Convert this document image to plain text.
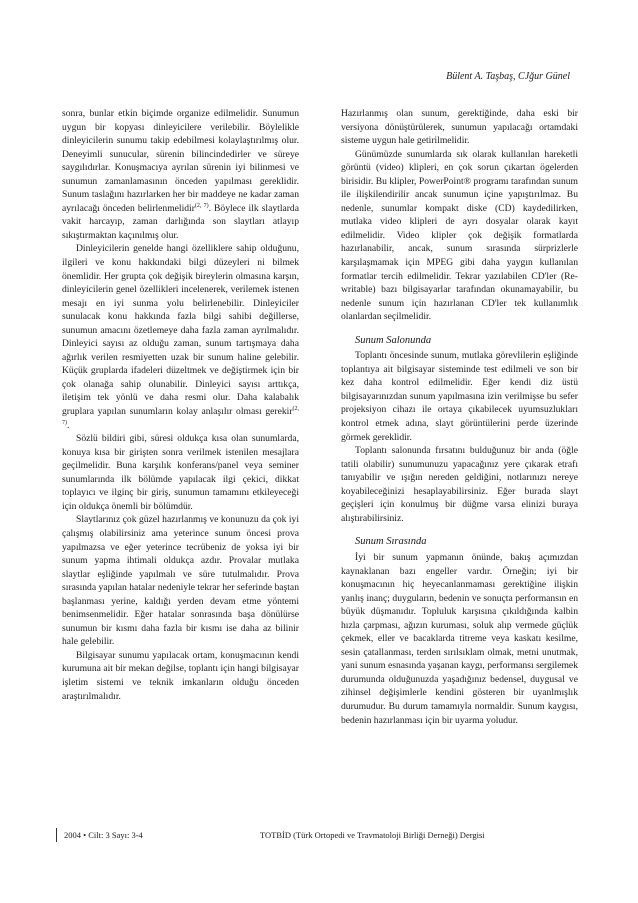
Bülent A. Taşbaş, CJğur Günel

sonra, bunlar etkin biçimde organize edilmelidir. Sunumun uygun bir kopyası dinleyicilere verilebilir. Böylelikle dinleyicilerin sunumu takip edebilmesi kolaylaştırılmış olur. Deneyimli sunucular, sürenin bilincindedirler ve süreye saygılıdırlar. Konuşmacıya ayrılan sürenin iyi bilinmesi ve sunumun zamanlamasının önceden yapılması gereklidir. Sunum taslağını hazırlarken her bir maddeye ne kadar zaman ayrılacağı önceden belirlenmelidir$^{(2, 7)}$. Böylece ilk slaytlarda vakit harcayıp, zaman darlığında son slaytları atlayıp sıkıştırmaktan kaçınılmış olur.

Dinleyicilerin genelde hangi özelliklere sahip olduğunu, ilgileri ve konu hakkındaki bilgi düzeyleri ni bilmek önemlidir. Her grupta çok değişik bireylerin olmasına karşın, dinleyicilerin genel özellikleri incelenerek, verilemek istenen mesajı en iyi sunma yolu belirlenebilir. Dinleyiciler sunulacak konu hakkında fazla bilgi sahibi değillerse, sunumun amacını özetlemeye daha fazla zaman ayrılmalıdır. Dinleyici sayısı az olduğu zaman, sunum tartışmaya daha ağırlık verilen resmiyetten uzak bir sunum haline gelebilir. Küçük gruplarda ifadeleri düzeltmek ve değiştirmek için bir çok olanağa sahip olunabilir. Dinleyici sayısı arttıkça, iletişim tek yönlü ve daha resmi olur. Daha kalabalık gruplara yapılan sunumların kolay anlaşılır olması gerekir$^{(2, 7)}$.

Sözlü bildiri gibi, süresi oldukça kısa olan sunumlarda, konuya kısa bir girişten sonra verilmek istenilen mesajlara geçilmelidir. Buna karşılık konferans/panel veya seminer sunumlarında ilk bölümde yapılacak ilgi çekici, dikkat toplayıcı ve ilginç bir giriş, sunumun tamamını etkileyeceği için oldukça önemli bir bölümdür.

Slaytlarınız çok güzel hazırlanmış ve konunuzu da çok iyi çalışmış olabilirsiniz ama yeterince sunum öncesi prova yapılmazsa ve eğer yeterince tecrübeniz de yoksa iyi bir sunum yapma ihtimali oldukça azdır. Provalar mutlaka slaytlar eşliğinde yapılmalı ve süre tutulmalıdır. Prova sırasında yapılan hatalar nedeniyle tekrar her seferinde baştan başlanması yerine, kaldığı yerden devam etme yöntemi benimsenmelidir. Eğer hatalar sonrasında başa dönülürse sunumun bir kısmı daha fazla bir kısmı ise daha az bilinir hale gelebilir.

Bilgisayar sunumu yapılacak ortam, konuşmacının kendi kurumuna ait bir mekan değilse, toplantı için hangi bilgisayar işletim sistemi ve teknik imkanların olduğu önceden araştırılmalıdır.

Hazırlanmış olan sunum, gerektiğinde, daha eski bir versiyona dönüştürülerek, sunumun yapılacağı ortamdaki sisteme uygun hale getirilmelidir.

Günümüzde sunumlarda sık olarak kullanılan hareketli görüntü (video) klipleri, en çok sorun çıkartan ögelerden birisidir. Bu klipler, PowerPoint® programı tarafından sunum ile ilişkilendirilir ancak sunumun içine yapıştırılmaz. Bu nedenle, sunumlar kompakt diske (CD) kaydedilirken, mutlaka video klipleri de ayrı dosyalar olarak kayıt edilmelidir. Video klipler çok değişik formatlarda hazırlanabilir, ancak, sunum sırasında sürprizlerle karşılaşmamak için MPEG gibi daha yaygın kullanılan formatlar tercih edilmelidir. Tekrar yazılabilen CD'ler (Re-writable) bazı bilgisayarlar tarafından okunamayabilir, bu nedenle sunum için hazırlanan CD'ler tek kullanımlık olanlardan seçilmelidir.

Sunum Salonunda

Toplantı öncesinde sunum, mutlaka görevlilerin eşliğinde toplantıya ait bilgisayar sisteminde test edilmeli ve son bir kez daha kontrol edilmelidir. Eğer kendi diz üstü bilgisayarınızdan sunum yapılmasına izin verilmişse bu sefer projeksiyon cihazı ile ortaya çıkabilecek uyumsuzlukları kontrol etmek adına, slayt görüntülerini perde üzerinde görmek gereklidir.

Toplantı salonunda fırsatını bulduğunuz bir anda (öğle tatili olabilir) sunumunuzu yapacağınız yere çıkarak etrafı tanıyabilir ve ışığın nereden geldiğini, notlarınızı nereye koyabileceğinizi hesaplayabilirsiniz. Eğer burada slayt geçişleri için konulmuş bir düğme varsa elinizi buraya alıştırabilirsiniz.

Sunum Sırasında

İyi bir sunum yapmanın önünde, bakış açımızdan kaynaklanan bazı engeller vardır. Örneğin; iyi bir konuşmacının hiç heyecanlanmaması gerektiğine ilişkin yanlış inanç; duyguların, bedenin ve sonuçta performansın en büyük düşmanıdır. Topluluk karşısına çıkıldığında kalbin hızla çarpması, ağızın kuruması, soluk alıp vermede güçlük çekmek, eller ve bacaklarda titreme veya kaskatı kesilme, sesin çatallanması, terden sırılsıklam olmak, metni unutmak, yani sunum esnasında yaşanan kaygı, performansı sergilemek durumunda olduğunuzda yaşadığınız bedensel, duygusal ve zihinsel değişimlerle kendini gösteren bir uyanlmışlık durumudur. Bu durum tamamıyla normaldir. Sunum kaygısı, bedenin hazırlanması için bir uyarma yoludur.

2004 • Cilt: 3 Sayı: 3-4	TOTBİD (Türk Ortopedi ve Travmatoloji Birliği Derneği) Dergisi
